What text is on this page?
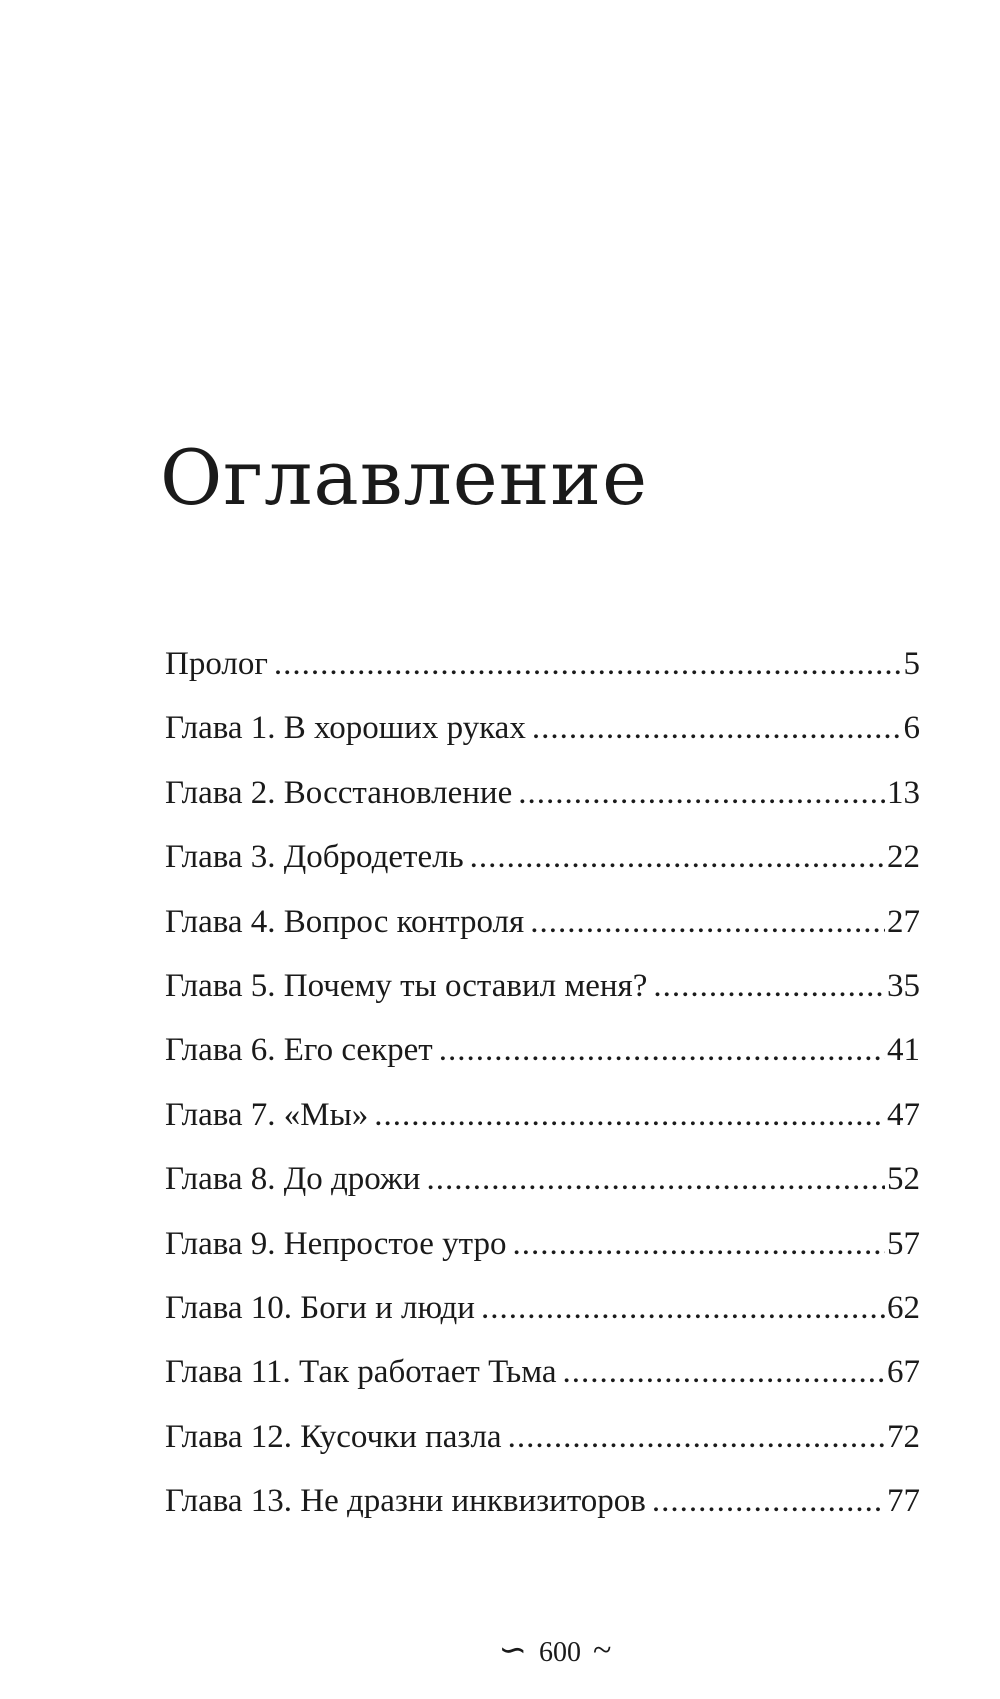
Оглавление
Пролог .....	5
Глава 1. В хороших руках .....	6
Глава 2. Восстановление .....	13
Глава 3. Добродетель .....	22
Глава 4. Вопрос контроля .....	27
Глава 5. Почему ты оставил меня? .....	35
Глава 6. Его секрет .....	41
Глава 7. «Мы» .....	47
Глава 8. До дрожи .....	52
Глава 9. Непростое утро .....	57
Глава 10. Боги и люди .....	62
Глава 11. Так работает Тьма .....	67
Глава 12. Кусочки пазла .....	72
Глава 13. Не дразни инквизиторов .....	77
∽ 600 ~
